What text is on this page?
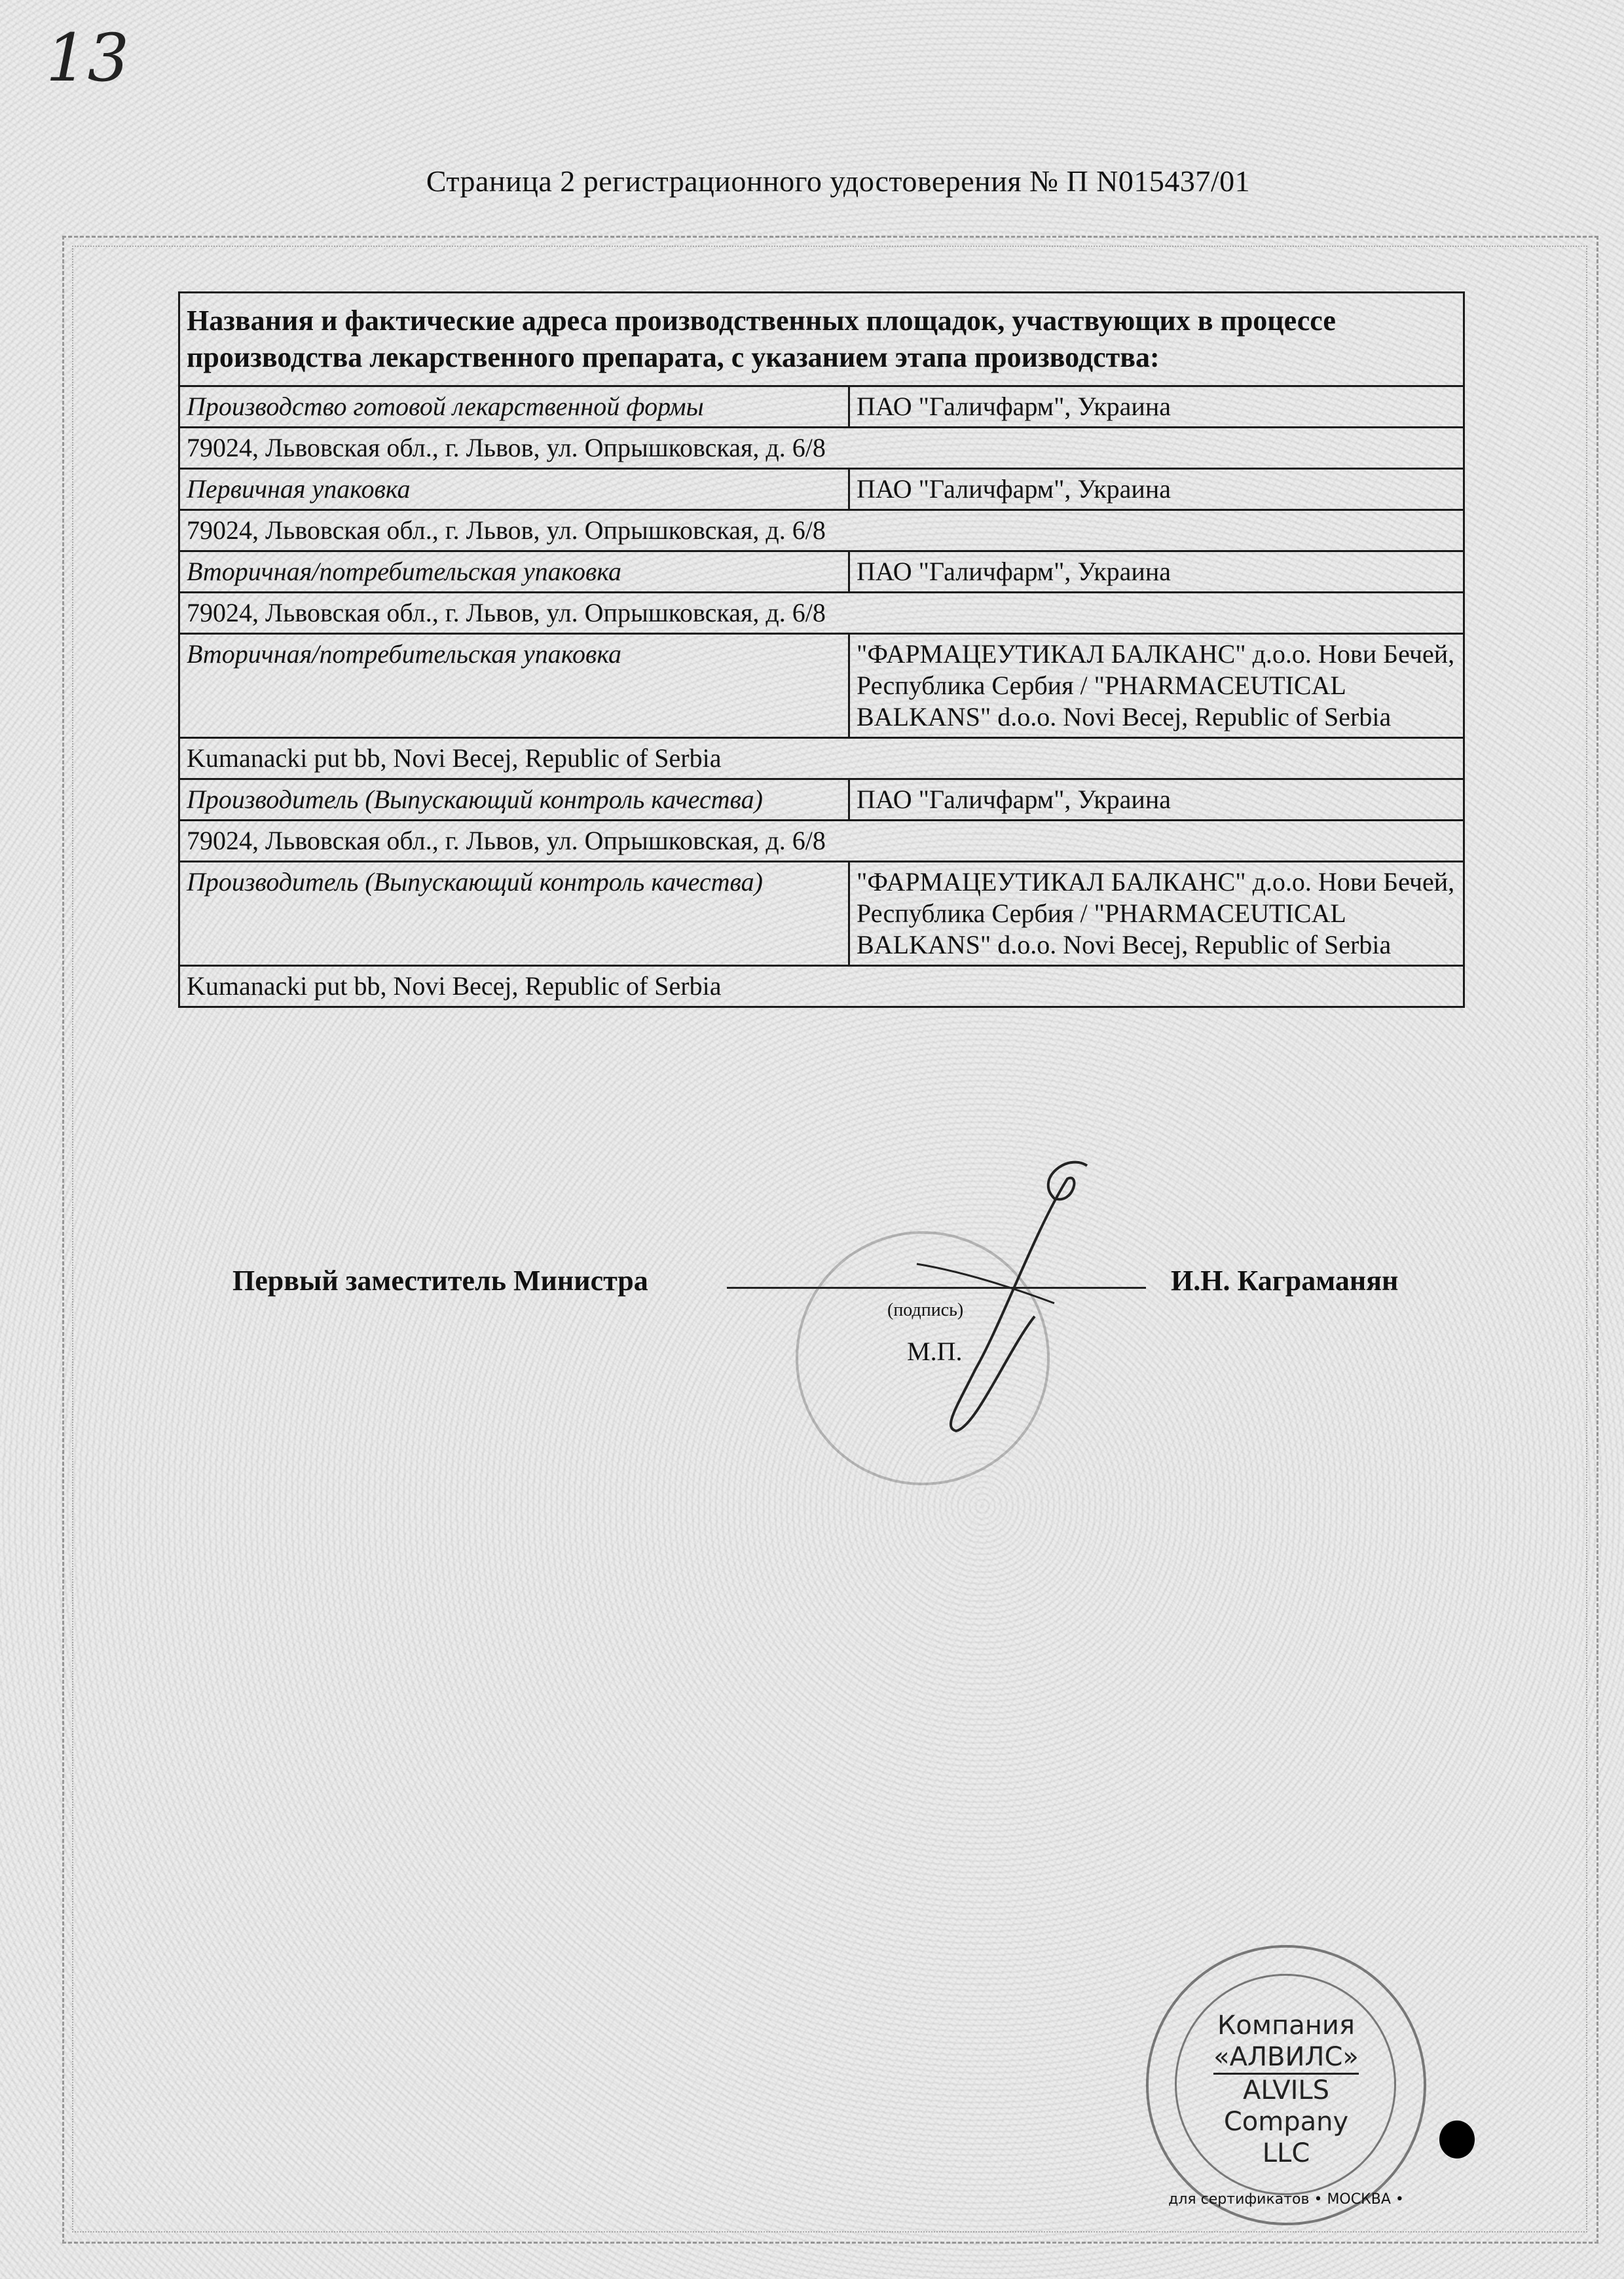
13
Страница 2 регистрационного удостоверения № П N015437/01
Названия и фактические адреса производственных площадок, участвующих в процессе производства лекарственного препарата, с указанием этапа производства:	
Производство готовой лекарственной формы	ПАО "Галичфарм", Украина
79024, Львовская обл., г. Львов, ул. Опрышковская, д. 6/8	
Первичная упаковка	ПАО "Галичфарм", Украина
79024, Львовская обл., г. Львов, ул. Опрышковская, д. 6/8	
Вторичная/потребительская упаковка	ПАО "Галичфарм", Украина
79024, Львовская обл., г. Львов, ул. Опрышковская, д. 6/8	
Вторичная/потребительская упаковка	"ФАРМАЦЕУТИКАЛ БАЛКАНС" д.о.о. Нови Бечей, Республика Сербия / "PHARMACEUTICAL BALKANS" d.o.o. Novi Becej, Republic of Serbia
Kumanacki put bb, Novi Becej, Republic of Serbia	
Производитель (Выпускающий контроль качества)	ПАО "Галичфарм", Украина
79024, Львовская обл., г. Львов, ул. Опрышковская, д. 6/8	
Производитель (Выпускающий контроль качества)	"ФАРМАЦЕУТИКАЛ БАЛКАНС" д.о.о. Нови Бечей, Республика Сербия / "PHARMACEUTICAL BALKANS" d.o.o. Novi Becej, Republic of Serbia
Kumanacki put bb, Novi Becej, Republic of Serbia	
Первый заместитель Министра	И.Н. Каграманян
(подпись)
М.П.
Компания
«АЛВИЛС»
ALVILS
Company
LLC
для сертификатов • МОСКВА •
